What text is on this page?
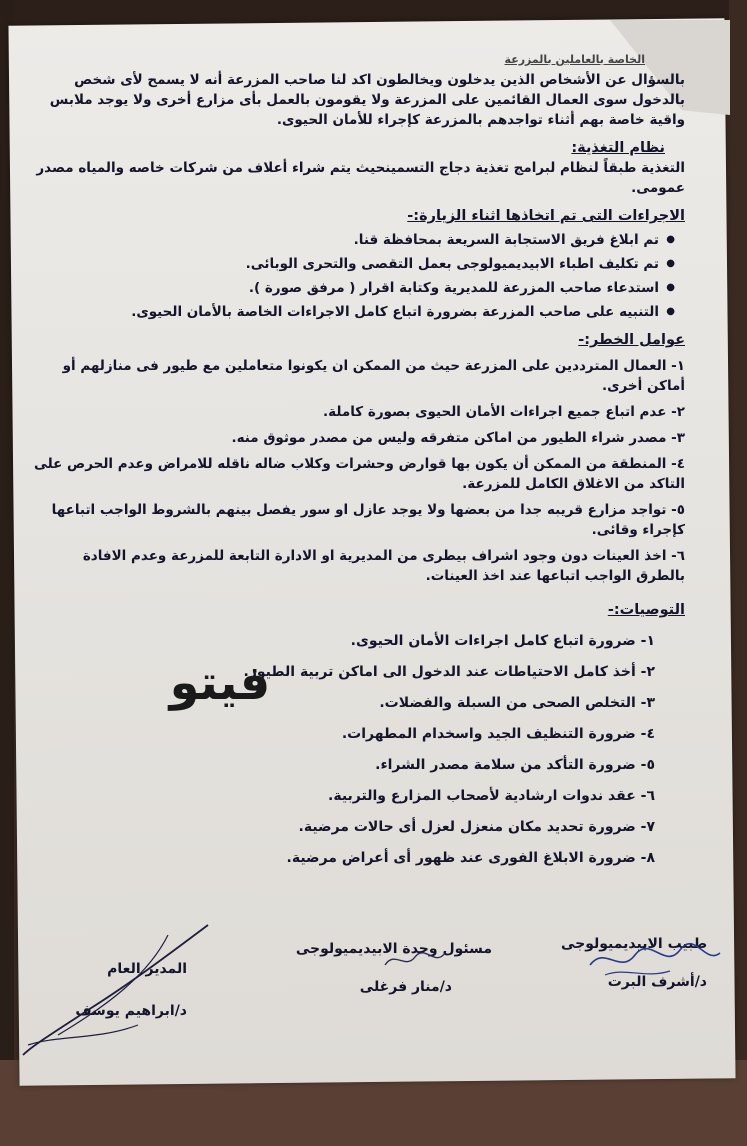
الخاصة بالعاملين بالمزرعة

بالسؤال عن الأشخاص الذين يدخلون ويخالطون اكد لنا صاحب المزرعة أنه لا يسمح لأى شخص بالدخول سوى العمال القائمين على المزرعة ولا يقومون بالعمل بأى مزارع أخرى ولا يوجد ملابس واقية خاصة بهم أثناء تواجدهم بالمزرعة كإجراء للأمان الحيوى.

نظام التغذية:

التغذية طبقاً لنظام لبرامج تغذية دجاج التسمينحيث يتم شراء أعلاف من شركات خاصه والمياه مصدر عمومى.

الاجراءات التى تم اتخاذها اثناء الزيارة:-
● تم ابلاغ فريق الاستجابة السريعة بمحافظة قنا.
● تم تكليف اطباء الابيديميولوجى بعمل التقصى والتحرى الوبائى.
● استدعاء صاحب المزرعة للمديرية وكتابة اقرار ( مرفق صورة ).
● التنبيه على صاحب المزرعة بضرورة اتباع كامل الاجراءات الخاصة بالأمان الحيوى.
عوامل الخطر:-
١- العمال المترددين على المزرعة حيث من الممكن ان يكونوا متعاملين مع طيور فى منازلهم أو أماكن أخرى.
٢- عدم اتباع جميع اجراءات الأمان الحيوى بصورة كاملة.
٣- مصدر شراء الطيور من اماكن متفرقه وليس من مصدر موثوق منه.
٤- المنطقة من الممكن أن يكون بها قوارض وحشرات وكلاب ضاله ناقله للامراض وعدم الحرص على التاكد من الاغلاق الكامل للمزرعة.
٥- تواجد مزارع قريبه جدا من بعضها ولا يوجد عازل او سور يفصل بينهم بالشروط الواجب اتباعها كإجراء وقائى.
٦- اخذ العينات دون وجود اشراف بيطرى من المديرية او الادارة التابعة للمزرعة وعدم الافادة بالطرق الواجب اتباعها عند اخذ العينات.
التوصيات:-
١- ضرورة اتباع كامل اجراءات الأمان الحيوى.
٢- أخذ كامل الاحتياطات عند الدخول الى اماكن تربية الطيور.
٣- التخلص الصحى من السبلة والفضلات.
٤- ضرورة التنظيف الجيد واسخدام المطهرات.
٥- ضرورة التأكد من سلامة مصدر الشراء.
٦- عقد ندوات ارشادية لأصحاب المزارع والتربية.
٧- ضرورة تحديد مكان منعزل لعزل أى حالات مرضية.
٨- ضرورة الابلاغ الفورى عند ظهور أى أعراض مرضية.
فيتو
طبيب الابيديميولوجى
د/أشرف البرت
مسئول وحدة الابيديميولوجى
د/منار فرغلى
المدير العام
د/ابراهيم يوسف
